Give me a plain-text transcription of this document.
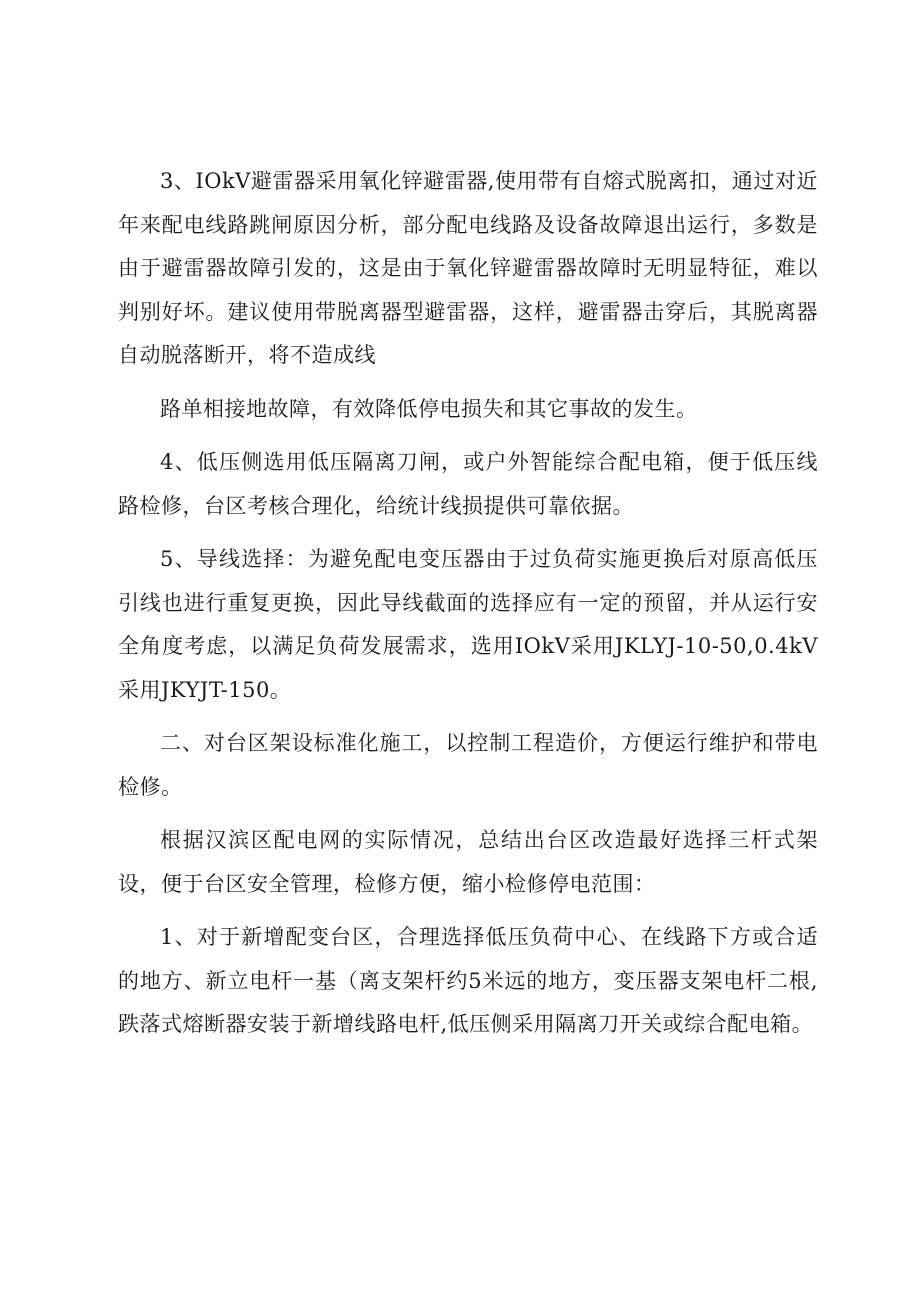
3、IOkV避雷器采用氧化锌避雷器,使用带有自熔式脱离扣，通过对近年来配电线路跳闸原因分析，部分配电线路及设备故障退出运行，多数是由于避雷器故障引发的，这是由于氧化锌避雷器故障时无明显特征，难以判别好坏。建议使用带脱离器型避雷器，这样，避雷器击穿后，其脱离器自动脱落断开，将不造成线

路单相接地故障，有效降低停电损失和其它事故的发生。

4、低压侧选用低压隔离刀闸，或户外智能综合配电箱，便于低压线路检修，台区考核合理化，给统计线损提供可靠依据。

5、导线选择：为避免配电变压器由于过负荷实施更换后对原高低压引线也进行重复更换，因此导线截面的选择应有一定的预留，并从运行安全角度考虑，以满足负荷发展需求，选用IOkV采用JKLYJ-10-50,0.4kV采用JKYJT-150。

二、对台区架设标准化施工，以控制工程造价，方便运行维护和带电检修。

根据汉滨区配电网的实际情况，总结出台区改造最好选择三杆式架设，便于台区安全管理，检修方便，缩小检修停电范围：

1、对于新增配变台区，合理选择低压负荷中心、在线路下方或合适的地方、新立电杆一基（离支架杆约5米远的地方，变压器支架电杆二根,跌落式熔断器安装于新增线路电杆,低压侧采用隔离刀开关或综合配电箱。
